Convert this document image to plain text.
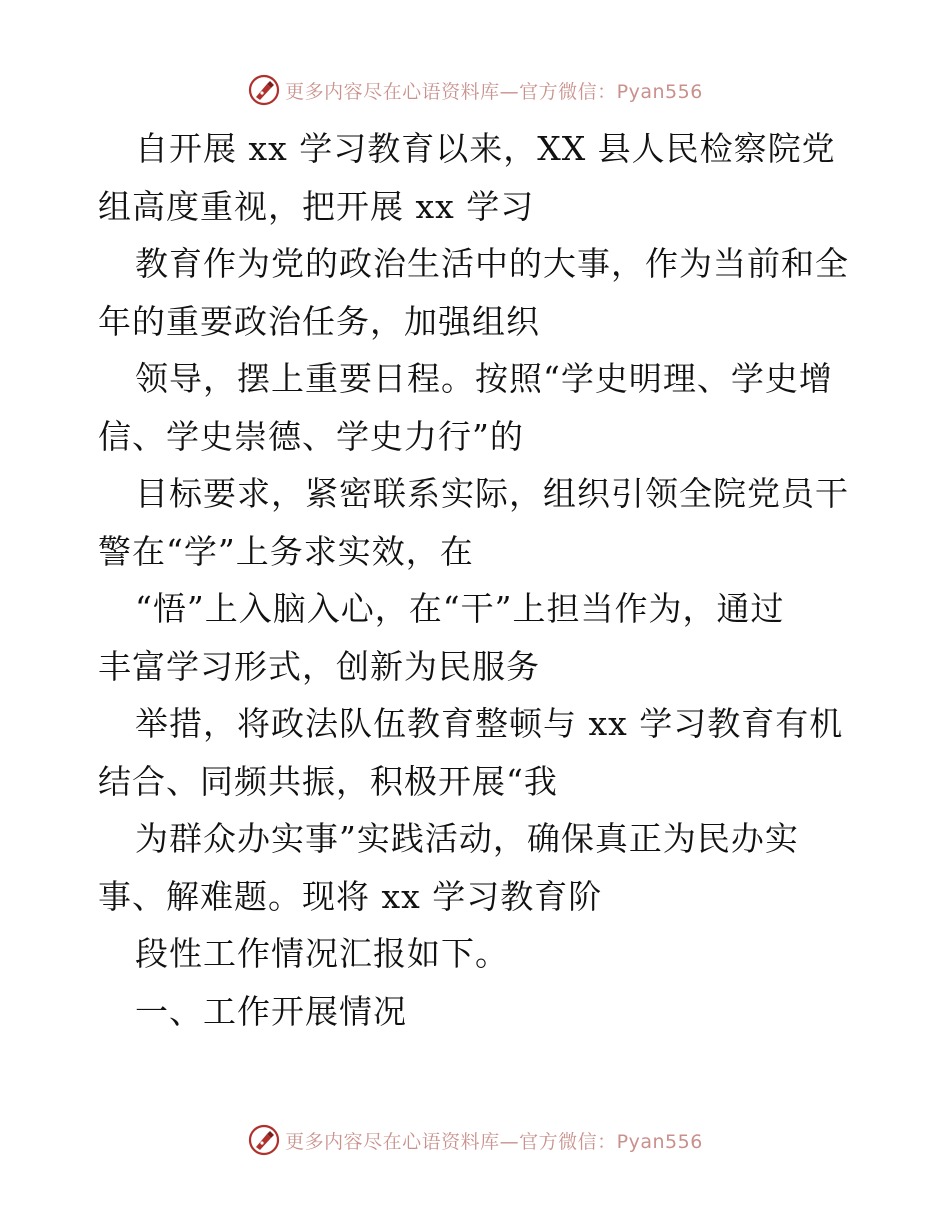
更多内容尽在心语资料库—官方微信：Pyan556
自开展 xx 学习教育以来，XX 县人民检察院党
组高度重视，把开展 xx 学习
教育作为党的政治生活中的大事，作为当前和全
年的重要政治任务，加强组织
领导，摆上重要日程。按照“学史明理、学史增
信、学史崇德、学史力行”的
目标要求，紧密联系实际，组织引领全院党员干
警在“学”上务求实效，在
“悟”上入脑入心，在“干”上担当作为，通过
丰富学习形式，创新为民服务
举措，将政法队伍教育整顿与 xx 学习教育有机
结合、同频共振，积极开展“我
为群众办实事”实践活动，确保真正为民办实
事、解难题。现将 xx 学习教育阶
段性工作情况汇报如下。
一、工作开展情况
更多内容尽在心语资料库—官方微信：Pyan556
